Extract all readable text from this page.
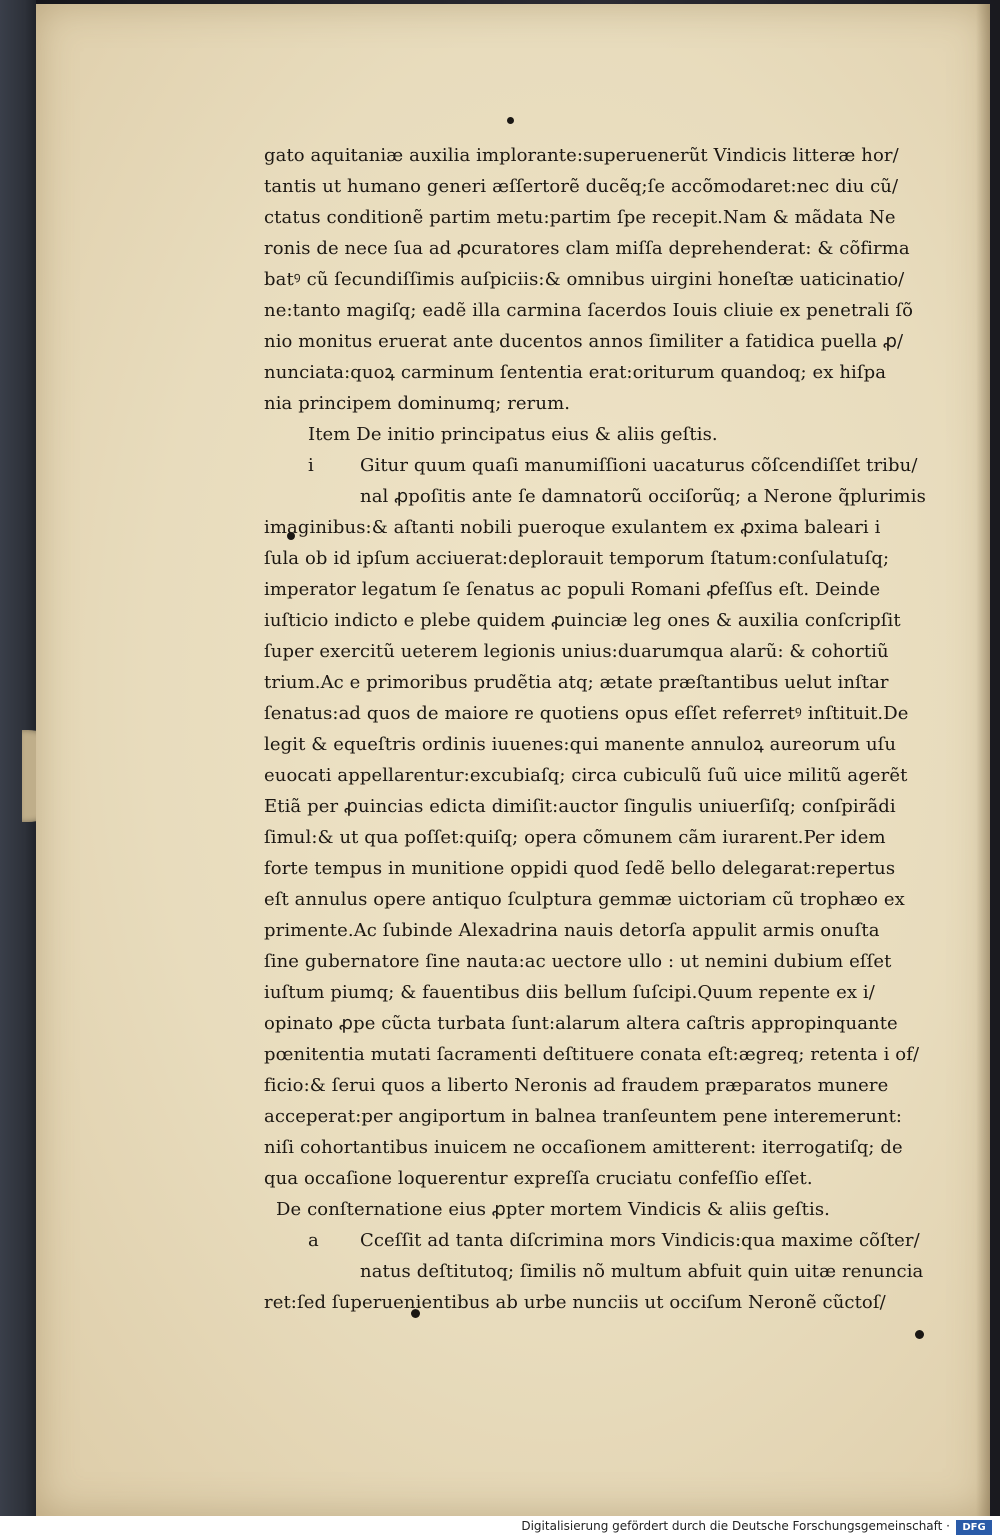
gato aquitaniæ auxilia implorante:superuenerũt Vindicis litteræ hor/
tantis ut humano generi æſſertorẽ ducẽq;ſe accõmodaret:nec diu cũ/
ctatus conditionẽ partim metu:partim ſpe recepit.Nam & mãdata Ne
ronis de nece ſua ad ꝓcuratores clam miſſa deprehenderat: & cõfirma
batꝰ cũ ſecundiſſimis auſpiciis:& omnibus uirgini honeſtæ uaticinatio/
ne:tanto magiſq; eadẽ illa carmina ſacerdos Iouis cliuie ex penetrali ſõ
nio monitus eruerat ante ducentos annos ſimiliter a fatidica puella ꝓ/
nunciata:quoꝝ carminum ſententia erat:oriturum quandoq; ex hiſpa
nia principem dominumq; rerum.
Item De initio principatus eius & aliis geſtis.
i	Gitur quum quaſi manumiſſioni uacaturus cõſcendiſſet tribu/
nal ꝓpoſitis ante ſe damnatorũ occiſorũq; a Nerone q̃plurimis
imaginibus:& aſtanti nobili pueroque exulantem ex ꝓxima baleari i
ſula ob id ipſum acciuerat:deplorauit temporum ſtatum:conſulatuſq;
imperator legatum ſe ſenatus ac populi Romani ꝓfeſſus eſt. Deinde
iuſticio indicto e plebe quidem ꝓuinciæ leg ones & auxilia conſcripſit
ſuper exercitũ ueterem legionis unius:duarumqua alarũ: & cohortiũ
trium.Ac e primoribus prudẽtia atq; ætate præſtantibus uelut inſtar
ſenatus:ad quos de maiore re quotiens opus eſſet referretꝰ inſtituit.De
legit & equeſtris ordinis iuuenes:qui manente annuloꝝ aureorum uſu
euocati appellarentur:excubiaſq; circa cubiculũ ſuũ uice militũ agerẽt
Etiã per ꝓuincias edicta dimiſit:auctor ſingulis uniuerſiſq; conſpirãdi
ſimul:& ut qua poſſet:quiſq; opera cõmunem cãm iurarent.Per idem
forte tempus in munitione oppidi quod ſedẽ bello delegarat:repertus
eſt annulus opere antiquo ſculptura gemmæ uictoriam cũ trophæo ex
primente.Ac ſubinde Alexadrina nauis detorſa appulit armis onuſta
ſine gubernatore ſine nauta:ac uectore ullo : ut nemini dubium eſſet
iuſtum piumq; & fauentibus diis bellum ſuſcipi.Quum repente ex i/
opinato ꝓpe cũcta turbata ſunt:alarum altera caſtris appropinquante
pœnitentia mutati ſacramenti deſtituere conata eſt:ægreq; retenta i of/
ficio:& ſerui quos a liberto Neronis ad fraudem præparatos munere
acceperat:per angiportum in balnea tranſeuntem pene interemerunt:
niſi cohortantibus inuicem ne occaſionem amitterent: iterrogatiſq; de
qua occaſione loquerentur expreſſa cruciatu confeſſio eſſet.
De conſternatione eius ꝓpter mortem Vindicis & aliis geſtis.
a Cceſſit ad tanta diſcrimina mors Vindicis:qua maxime cõſter/
natus deſtitutoq; ſimilis nõ multum abfuit quin uitæ renuncia
ret:ſed ſuperuenientibus ab urbe nunciis ut occiſum Neronẽ cũctoſ/
Digitalisierung gefördert durch die Deutsche Forschungsgemeinschaft ·	DFG
